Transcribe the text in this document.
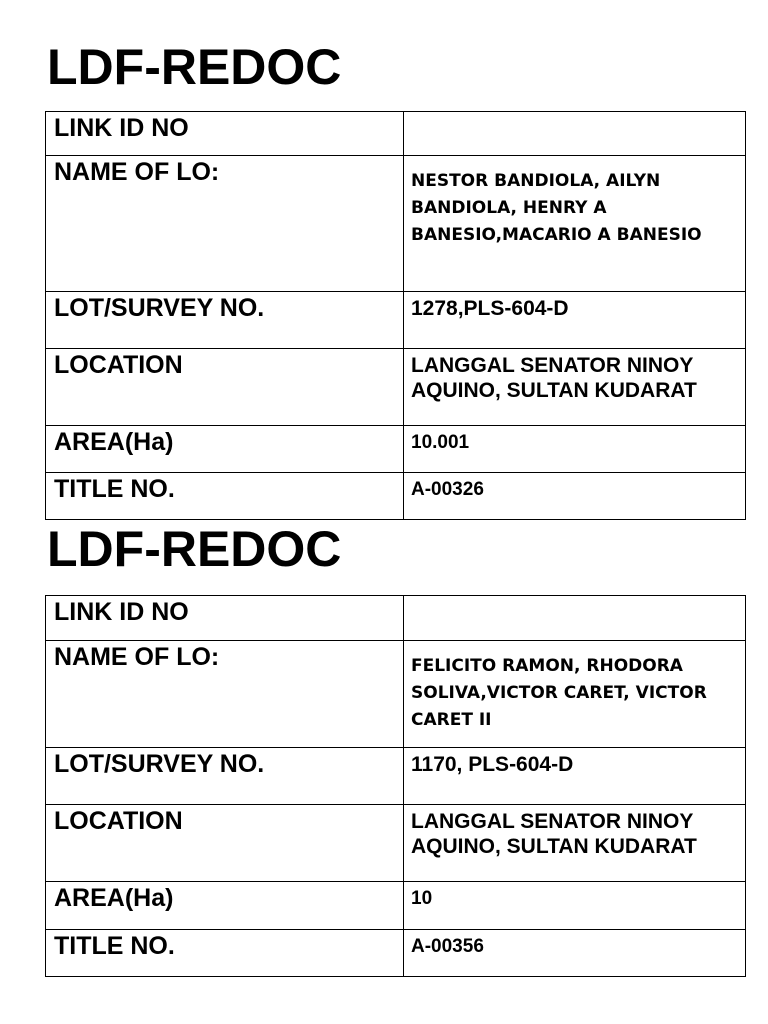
LDF-REDOC
LINK ID NO	
NAME OF LO:	NESTOR BANDIOLA, AILYN BANDIOLA, HENRY A BANESIO,MACARIO A BANESIO
LOT/SURVEY NO.	1278,PLS-604-D
LOCATION	LANGGAL SENATOR NINOY AQUINO, SULTAN KUDARAT
AREA(Ha)	10.001
TITLE NO.	A-00326
LDF-REDOC
LINK ID NO	
NAME OF LO:	FELICITO RAMON, RHODORA SOLIVA,VICTOR CARET, VICTOR CARET II
LOT/SURVEY NO.	1170, PLS-604-D
LOCATION	LANGGAL SENATOR NINOY AQUINO, SULTAN KUDARAT
AREA(Ha)	10
TITLE NO.	A-00356
